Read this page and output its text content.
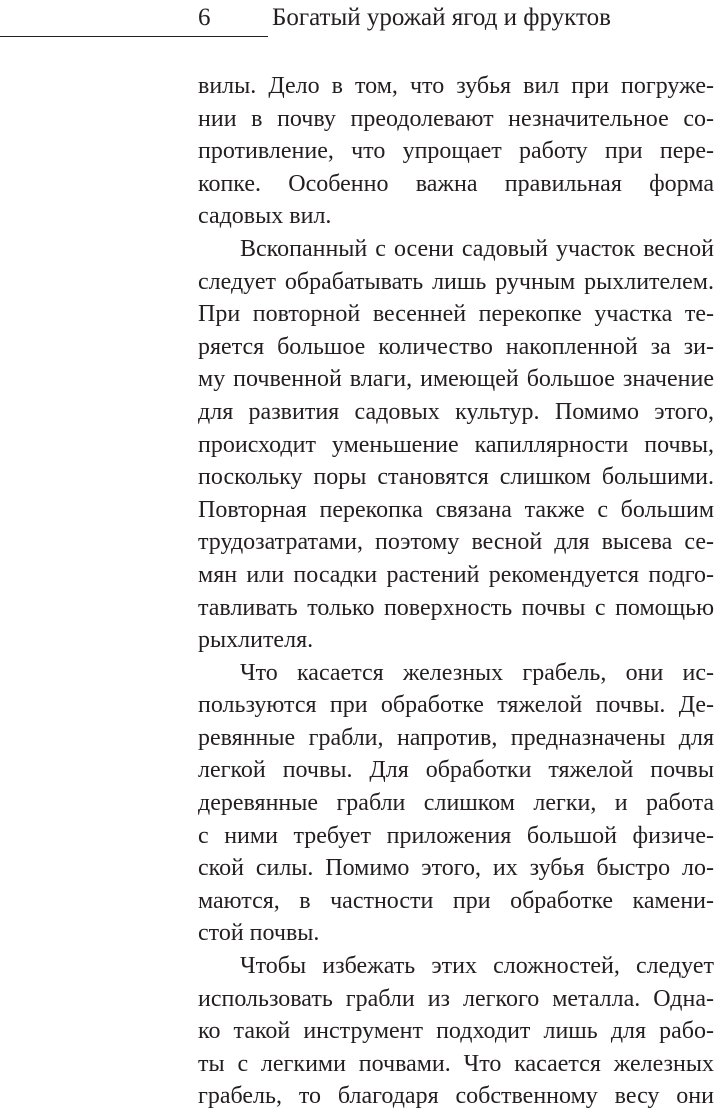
6 Богатый урожай ягод и фруктов
вилы. Дело в том, что зубья вил при погруже-
нии в почву преодолевают незначительное со-
противление, что упрощает работу при пере-
копке. Особенно важна правильная форма
садовых вил.
Вскопанный с осени садовый участок весной
следует обрабатывать лишь ручным рыхлителем.
При повторной весенней перекопке участка те-
ряется большое количество накопленной за зи-
му почвенной влаги, имеющей большое значение
для развития садовых культур. Помимо этого,
происходит уменьшение капиллярности почвы,
поскольку поры становятся слишком большими.
Повторная перекопка связана также с большим
трудозатратами, поэтому весной для высева се-
мян или посадки растений рекомендуется подго-
тавливать только поверхность почвы с помощью
рыхлителя.
Что касается железных грабель, они ис-
пользуются при обработке тяжелой почвы. Де-
ревянные грабли, напротив, предназначены для
легкой почвы. Для обработки тяжелой почвы
деревянные грабли слишком легки, и работа
с ними требует приложения большой физиче-
ской силы. Помимо этого, их зубья быстро ло-
маются, в частности при обработке камени-
стой почвы.
Чтобы избежать этих сложностей, следует
использовать грабли из легкого металла. Одна-
ко такой инструмент подходит лишь для рабо-
ты с легкими почвами. Что касается железных
грабель, то благодаря собственному весу они
